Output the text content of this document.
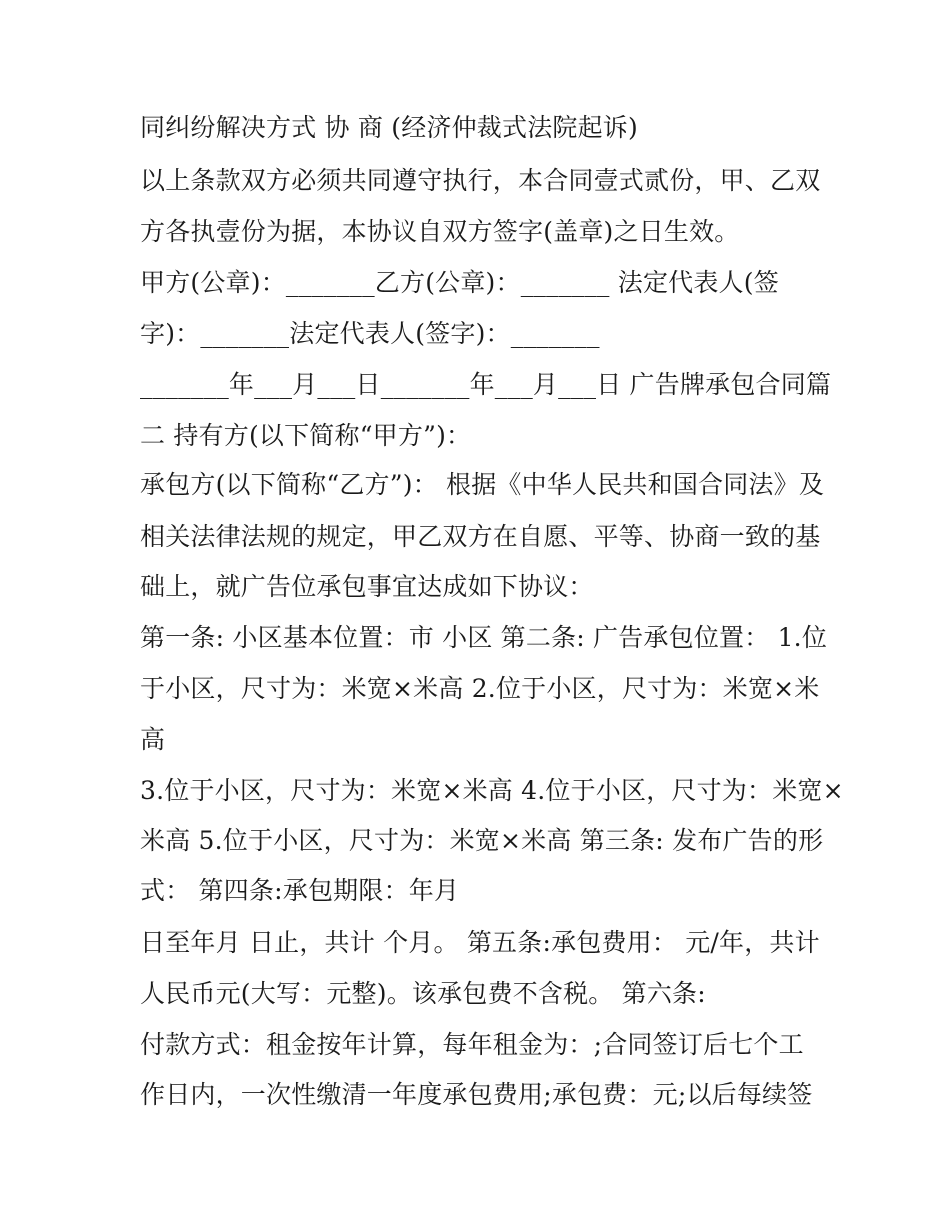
同纠纷解决方式 协 商 (经济仲裁式法院起诉)
以上条款双方必须共同遵守执行，本合同壹式贰份，甲、乙双
方各执壹份为据，本协议自双方签字(盖章)之日生效。
甲方(公章)：_______乙方(公章)：_______ 法定代表人(签
字)：_______法定代表人(签字)：_______
_______年___月___日_______年___月___日 广告牌承包合同篇
二 持有方(以下简称“甲方”)：
承包方(以下简称“乙方”)： 根据《中华人民共和国合同法》及
相关法律法规的规定，甲乙双方在自愿、平等、协商一致的基
础上，就广告位承包事宜达成如下协议：
第一条: 小区基本位置：市 小区 第二条: 广告承包位置： 1.位
于小区，尺寸为：米宽×米高 2.位于小区，尺寸为：米宽×米
高
3.位于小区，尺寸为：米宽×米高 4.位于小区，尺寸为：米宽×
米高 5.位于小区，尺寸为：米宽×米高 第三条: 发布广告的形
式： 第四条:承包期限：年月
日至年月 日止，共计 个月。 第五条:承包费用： 元/年，共计
人民币元(大写：元整)。该承包费不含税。 第六条:
付款方式：租金按年计算，每年租金为：;合同签订后七个工
作日内，一次性缴清一年度承包费用;承包费：元;以后每续签
